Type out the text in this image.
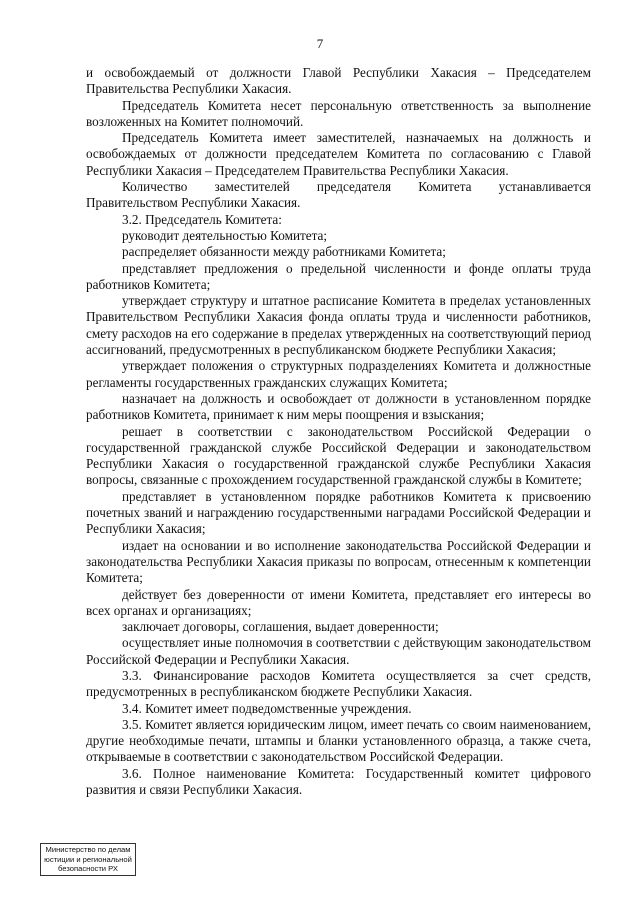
7

и освобождаемый от должности Главой Республики Хакасия – Председателем Правительства Республики Хакасия.

Председатель Комитета несет персональную ответственность за выполнение возложенных на Комитет полномочий.

Председатель Комитета имеет заместителей, назначаемых на должность и освобождаемых от должности председателем Комитета по согласованию с Главой Республики Хакасия – Председателем Правительства Республики Хакасия.

Количество заместителей председателя Комитета устанавливается Правительством Республики Хакасия.

3.2. Председатель Комитета:

руководит деятельностью Комитета;

распределяет обязанности между работниками Комитета;

представляет предложения о предельной численности и фонде оплаты труда работников Комитета;

утверждает структуру и штатное расписание Комитета в пределах установленных Правительством Республики Хакасия фонда оплаты труда и численности работников, смету расходов на его содержание в пределах утвержденных на соответствующий период ассигнований, предусмотренных в республиканском бюджете Республики Хакасия;

утверждает положения о структурных подразделениях Комитета и должностные регламенты государственных гражданских служащих Комитета;

назначает на должность и освобождает от должности в установленном порядке работников Комитета, принимает к ним меры поощрения и взыскания;

решает в соответствии с законодательством Российской Федерации о государственной гражданской службе Российской Федерации и законодательством Республики Хакасия о государственной гражданской службе Республики Хакасия вопросы, связанные с прохождением государственной гражданской службы в Комитете;

представляет в установленном порядке работников Комитета к присвоению почетных званий и награждению государственными наградами Российской Федерации и Республики Хакасия;

издает на основании и во исполнение законодательства Российской Федерации и законодательства Республики Хакасия приказы по вопросам, отнесенным к компетенции Комитета;

действует без доверенности от имени Комитета, представляет его интересы во всех органах и организациях;

заключает договоры, соглашения, выдает доверенности;

осуществляет иные полномочия в соответствии с действующим законодательством Российской Федерации и Республики Хакасия.

3.3. Финансирование расходов Комитета осуществляется за счет средств, предусмотренных в республиканском бюджете Республики Хакасия.

3.4. Комитет имеет подведомственные учреждения.

3.5. Комитет является юридическим лицом, имеет печать со своим наименованием, другие необходимые печати, штампы и бланки установленного образца, а также счета, открываемые в соответствии с законодательством Российской Федерации.

3.6. Полное наименование Комитета: Государственный комитет цифрового развития и связи Республики Хакасия.

Министерство по делам
юстиции и региональной
безопасности РХ
